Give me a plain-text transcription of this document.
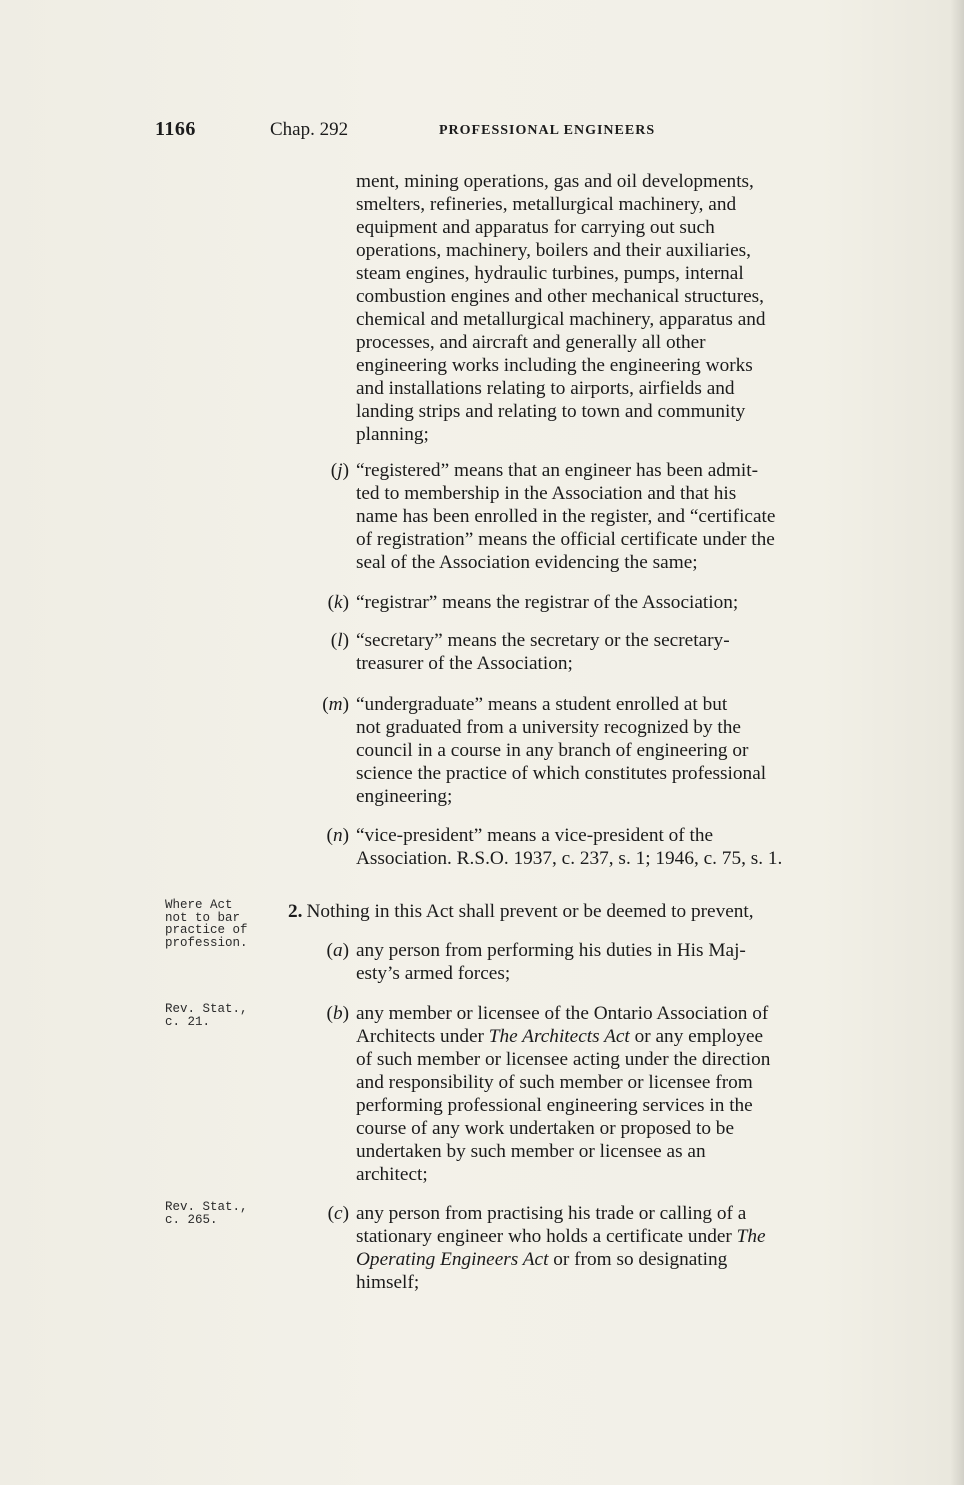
1166	Chap. 292	PROFESSIONAL ENGINEERS
ment, mining operations, gas and oil developments,
smelters, refineries, metallurgical machinery, and
equipment and apparatus for carrying out such
operations, machinery, boilers and their auxiliaries,
steam engines, hydraulic turbines, pumps, internal
combustion engines and other mechanical structures,
chemical and metallurgical machinery, apparatus and
processes, and aircraft and generally all other
engineering works including the engineering works
and installations relating to airports, airfields and
landing strips and relating to town and community
planning;
(j) “registered” means that an engineer has been admit-
ted to membership in the Association and that his
name has been enrolled in the register, and “certificate
of registration” means the official certificate under the
seal of the Association evidencing the same;
(k) “registrar” means the registrar of the Association;
(l) “secretary” means the secretary or the secretary-
treasurer of the Association;
(m) “undergraduate” means a student enrolled at but
not graduated from a university recognized by the
council in a course in any branch of engineering or
science the practice of which constitutes professional
engineering;
(n) “vice-president” means a vice-president of the
Association. R.S.O. 1937, c. 237, s. 1; 1946, c. 75, s. 1.
Where Act
not to bar
practice of
profession.
2. Nothing in this Act shall prevent or be deemed to prevent,
(a) any person from performing his duties in His Maj-
esty’s armed forces;
Rev. Stat.,
c. 21.	(b) any member or licensee of the Ontario Association of
Architects under The Architects Act or any employee
of such member or licensee acting under the direction
and responsibility of such member or licensee from
performing professional engineering services in the
course of any work undertaken or proposed to be
undertaken by such member or licensee as an
architect;
Rev. Stat.,
c. 265.	(c) any person from practising his trade or calling of a
stationary engineer who holds a certificate under The
Operating Engineers Act or from so designating
himself;
